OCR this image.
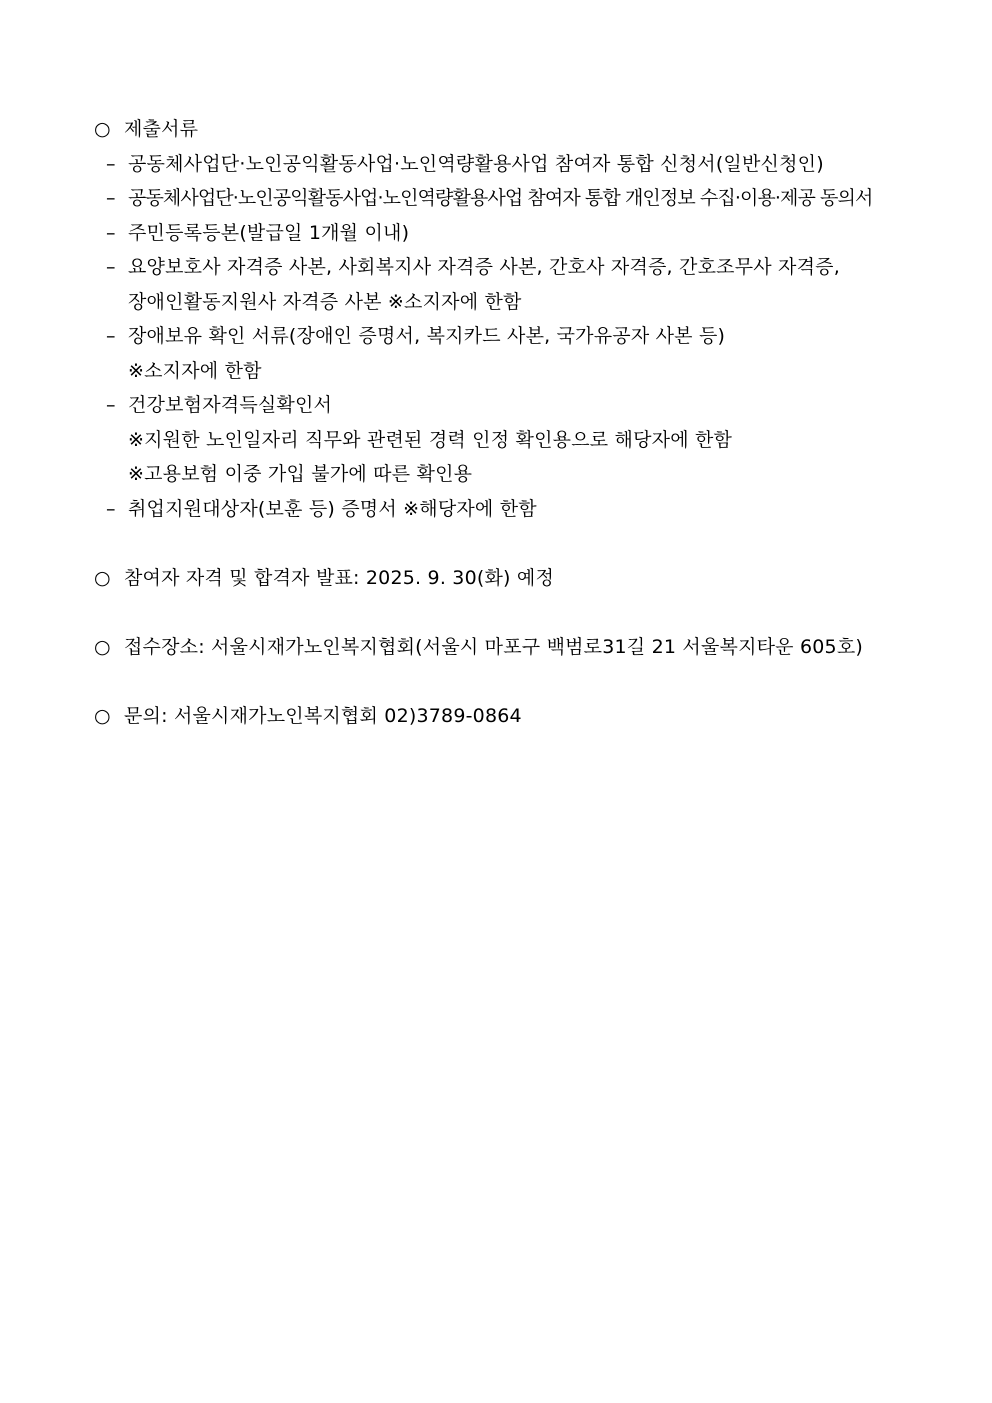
○ 제출서류
– 공동체사업단·노인공익활동사업·노인역량활용사업 참여자 통합 신청서(일반신청인)
– 공동체사업단·노인공익활동사업·노인역량활용사업 참여자 통합 개인정보 수집·이용·제공 동의서
– 주민등록등본(발급일 1개월 이내)
– 요양보호사 자격증 사본, 사회복지사 자격증 사본, 간호사 자격증, 간호조무사 자격증,
장애인활동지원사 자격증 사본 ※소지자에 한함
– 장애보유 확인 서류(장애인 증명서, 복지카드 사본, 국가유공자 사본 등)
※소지자에 한함
– 건강보험자격득실확인서
※지원한 노인일자리 직무와 관련된 경력 인정 확인용으로 해당자에 한함
※고용보험 이중 가입 불가에 따른 확인용
– 취업지원대상자(보훈 등) 증명서 ※해당자에 한함
○ 참여자 자격 및 합격자 발표: 2025. 9. 30(화) 예정
○ 접수장소: 서울시재가노인복지협회(서울시 마포구 백범로31길 21 서울복지타운 605호)
○ 문의: 서울시재가노인복지협회 02)3789-0864
